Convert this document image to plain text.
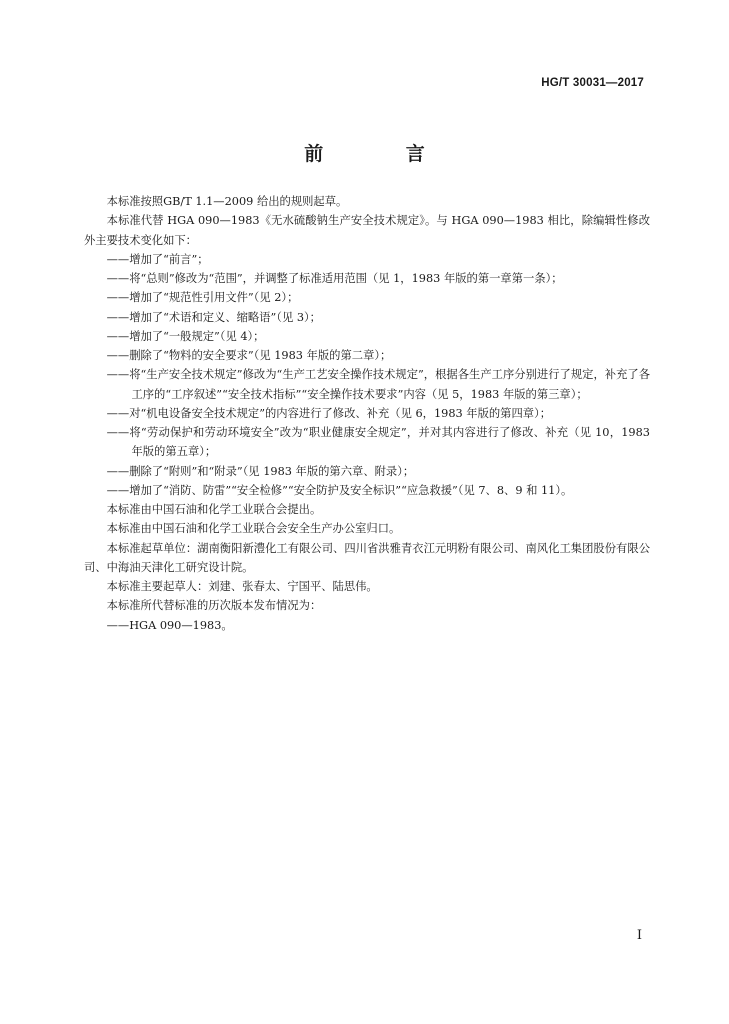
HG/T 30031—2017
前 言

本标准按照GB/T 1.1—2009 给出的规则起草。

本标准代替 HGA 090—1983《无水硫酸钠生产安全技术规定》。与 HGA 090—1983 相比，除编辑性修改外主要技术变化如下：

——增加了“前言”；

——将“总则”修改为“范围”，并调整了标准适用范围（见 1，1983 年版的第一章第一条）；

——增加了“规范性引用文件”（见 2）；

——增加了“术语和定义、缩略语”（见 3）；

——增加了“一般规定”（见 4）；

——删除了“物料的安全要求”（见 1983 年版的第二章）；

——将“生产安全技术规定”修改为“生产工艺安全操作技术规定”，根据各生产工序分别进行了规定，补充了各工序的“工序叙述”“安全技术指标”“安全操作技术要求”内容（见 5，1983 年版的第三章）；

——对“机电设备安全技术规定”的内容进行了修改、补充（见 6，1983 年版的第四章）；

——将“劳动保护和劳动环境安全”改为“职业健康安全规定”，并对其内容进行了修改、补充（见 10，1983 年版的第五章）；

——删除了“附则”和“附录”（见 1983 年版的第六章、附录）；

——增加了“消防、防雷”“安全检修”“安全防护及安全标识”“应急救援”（见 7、8、9 和 11）。

本标准由中国石油和化学工业联合会提出。

本标准由中国石油和化学工业联合会安全生产办公室归口。

本标准起草单位：湖南衡阳新澧化工有限公司、四川省洪雅青衣江元明粉有限公司、南风化工集团股份有限公司、中海油天津化工研究设计院。

本标准主要起草人：刘建、张春太、宁国平、陆思伟。

本标准所代替标准的历次版本发布情况为：

——HGA 090—1983。

I
